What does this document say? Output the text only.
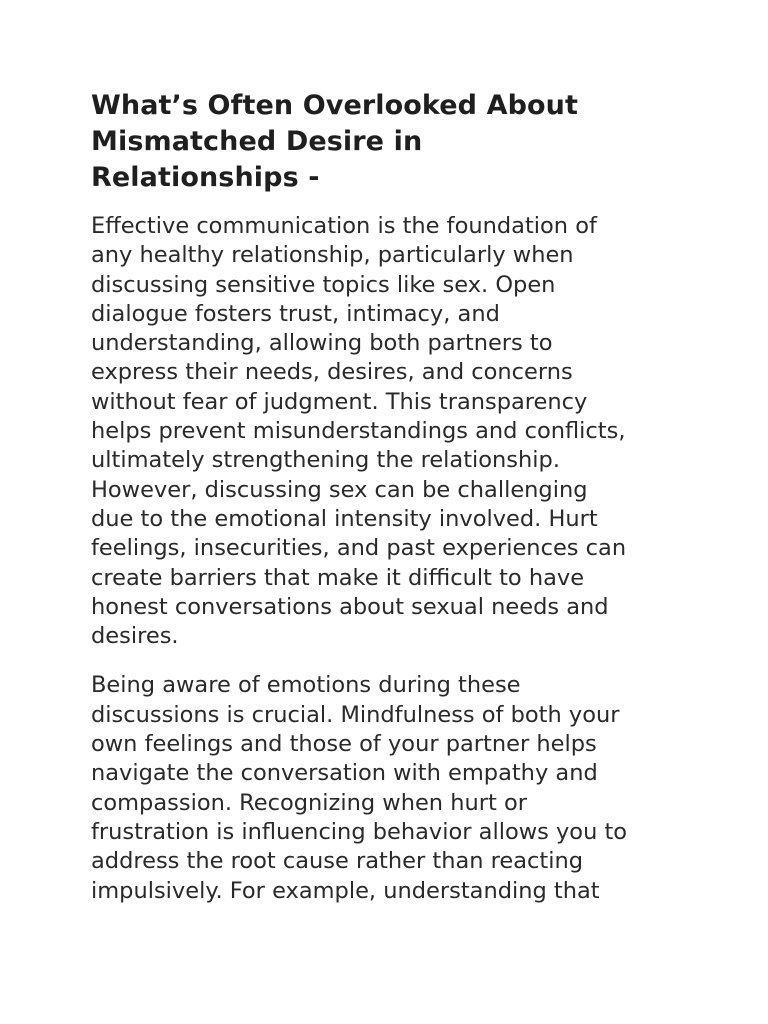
What’s Often Overlooked About
Mismatched Desire in
Relationships -

Effective communication is the foundation of
any healthy relationship, particularly when
discussing sensitive topics like sex. Open
dialogue fosters trust, intimacy, and
understanding, allowing both partners to
express their needs, desires, and concerns
without fear of judgment. This transparency
helps prevent misunderstandings and conflicts,
ultimately strengthening the relationship.
However, discussing sex can be challenging
due to the emotional intensity involved. Hurt
feelings, insecurities, and past experiences can
create barriers that make it difficult to have
honest conversations about sexual needs and
desires.

Being aware of emotions during these
discussions is crucial. Mindfulness of both your
own feelings and those of your partner helps
navigate the conversation with empathy and
compassion. Recognizing when hurt or
frustration is influencing behavior allows you to
address the root cause rather than reacting
impulsively. For example, understanding that
